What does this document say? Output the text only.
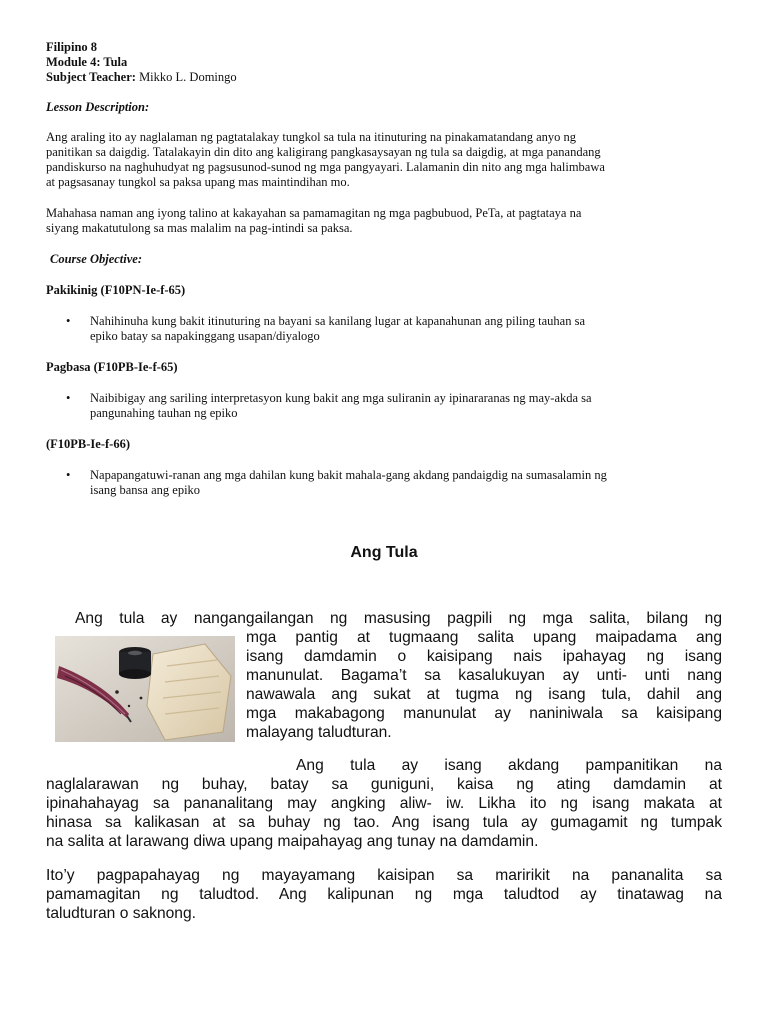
Filipino 8
Module 4: Tula
Subject Teacher: Mikko L. Domingo
Lesson Description:
Ang araling ito ay naglalaman ng pagtatalakay tungkol sa tula na itinuturing na pinakamatandang anyo ng
panitikan sa daigdig. Tatalakayin din dito ang kaligirang pangkasaysayan ng tula sa daigdig, at mga panandang
pandiskurso na naghuhudyat ng pagsusunod-sunod ng mga pangyayari. Lalamanin din nito ang mga halimbawa
at pagsasanay tungkol sa paksa upang mas maintindihan mo.
Mahahasa naman ang iyong talino at kakayahan sa pamamagitan ng mga pagbubuod, PeTa, at pagtataya na
siyang makatutulong sa mas malalim na pag-intindi sa paksa.
Course Objective:
Pakikinig (F10PN-Ie-f-65)
• Nahihinuha kung bakit itinuturing na bayani sa kanilang lugar at kapanahunan ang piling tauhan sa
epiko batay sa napakinggang usapan/diyalogo
Pagbasa (F10PB-Ie-f-65)
• Naibibigay ang sariling interpretasyon kung bakit ang mga suliranin ay ipinararanas ng may-akda sa
pangunahing tauhan ng epiko
(F10PB-Ie-f-66)
• Napapangatuwi-ranan ang mga dahilan kung bakit mahala-gang akdang pandaigdig na sumasalamin ng
isang bansa ang epiko
Ang Tula
Ang tula ay nangangailangan ng masusing pagpili ng mga salita, bilang ng
mga pantig at tugmaang salita upang maipadama ang
isang damdamin o kaisipang nais ipahayag ng isang
manunulat. Bagama’t sa kasalukuyan ay unti- unti nang
nawawala ang sukat at tugma ng isang tula, dahil ang
mga makabagong manunulat ay naniniwala sa kaisipang
malayang taludturan.
Ang tula ay isang akdang pampanitikan na
naglalarawan ng buhay, batay sa guniguni, kaisa ng ating damdamin at
ipinahahayag sa pananalitang may angking aliw- iw. Likha ito ng isang makata at
hinasa sa kalikasan at sa buhay ng tao. Ang isang tula ay gumagamit ng tumpak
na salita at larawang diwa upang maipahayag ang tunay na damdamin.
Ito’y pagpapahayag ng mayayamang kaisipan sa maririkit na pananalita sa
pamamagitan ng taludtod. Ang kalipunan ng mga taludtod ay tinatawag na
taludturan o saknong.
